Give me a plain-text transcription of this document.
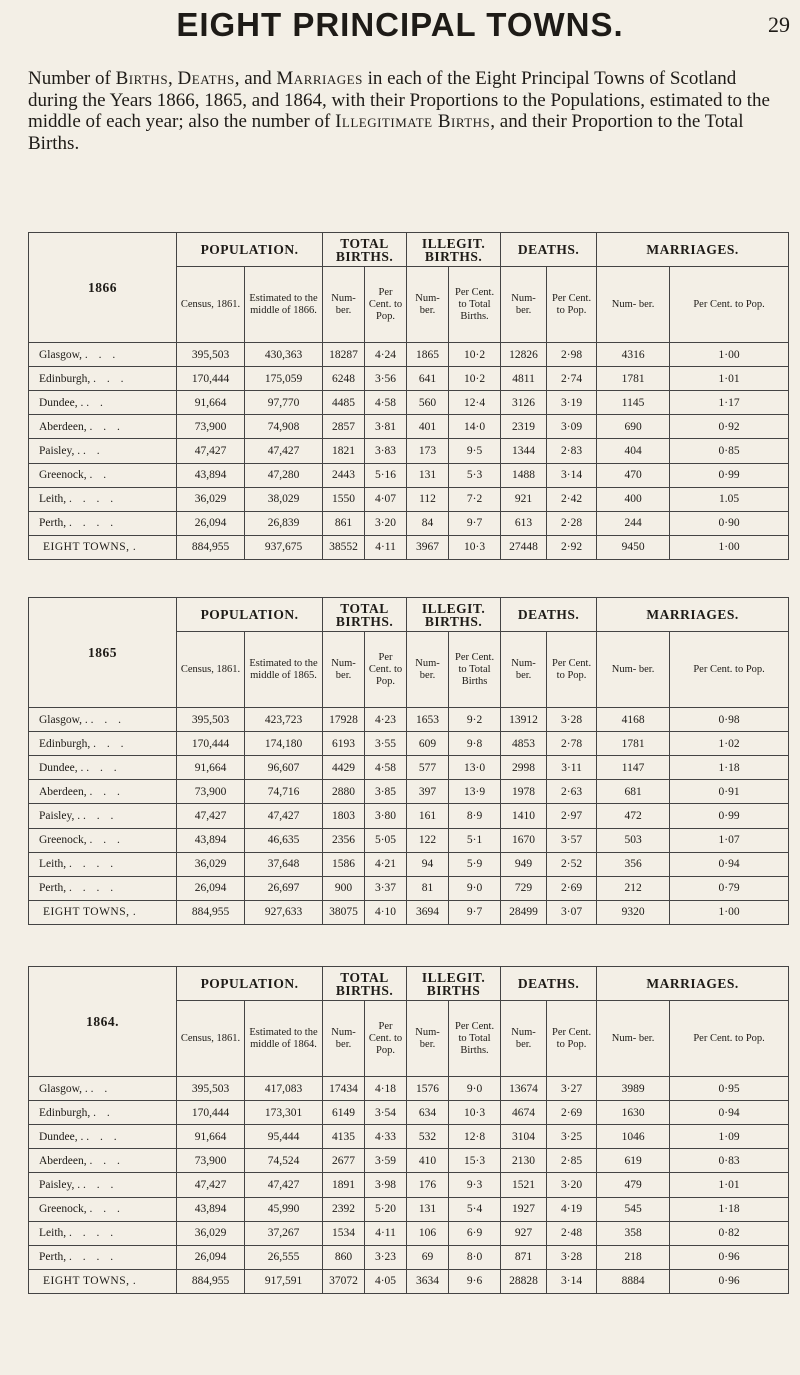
EIGHT PRINCIPAL TOWNS.	29

Number of Births, Deaths, and Marriages in each of the Eight Principal Towns of Scotland during the Years 1866, 1865, and 1864, with their Proportions to the Populations, estimated to the middle of each year; also the number of Illegitimate Births, and their Proportion to the Total Births.

1866	POPULATION.		TOTAL BIRTHS.		ILLEGIT. BIRTHS.		DEATHS.		MARRIAGES.	
	Census, 1861.	Estimated to the middle of 1866.	Num- ber.	Per Cent. to Pop.	Num- ber.	Per Cent. to Total Births.	Num- ber.	Per Cent. to Pop.	Num- ber.	Per Cent. to Pop.
Glasgow, . . .	395,503	430,363	18287	4·24	1865	10·2	12826	2·98	4316	1·00
Edinburgh, . . .	170,444	175,059	6248	3·56	641	10·2	4811	2·74	1781	1·01
Dundee, . . .	91,664	97,770	4485	4·58	560	12·4	3126	3·19	1145	1·17
Aberdeen, . . .	73,900	74,908	2857	3·81	401	14·0	2319	3·09	690	0·92
Paisley, . . .	47,427	47,427	1821	3·83	173	9·5	1344	2·83	404	0·85
Greenock, . .	43,894	47,280	2443	5·16	131	5·3	1488	3·14	470	0·99
Leith, . . . .	36,029	38,029	1550	4·07	112	7·2	921	2·42	400	1.05
Perth, . . . .	26,094	26,839	861	3·20	84	9·7	613	2·28	244	0·90
EIGHT TOWNS, .	884,955	937,675	38552	4·11	3967	10·3	27448	2·92	9450	1·00
1865	POPULATION.		TOTAL BIRTHS.		ILLEGIT. BIRTHS.		DEATHS.		MARRIAGES.	
	Census, 1861.	Estimated to the middle of 1865.	Num- ber.	Per Cent. to Pop.	Num- ber.	Per Cent. to Total Births	Num- ber.	Per Cent. to Pop.	Num- ber.	Per Cent. to Pop.
Glasgow, . . . .	395,503	423,723	17928	4·23	1653	9·2	13912	3·28	4168	0·98
Edinburgh, . . .	170,444	174,180	6193	3·55	609	9·8	4853	2·78	1781	1·02
Dundee, . . . .	91,664	96,607	4429	4·58	577	13·0	2998	3·11	1147	1·18
Aberdeen, . . .	73,900	74,716	2880	3·85	397	13·9	1978	2·63	681	0·91
Paisley, . . . .	47,427	47,427	1803	3·80	161	8·9	1410	2·97	472	0·99
Greenock, . . .	43,894	46,635	2356	5·05	122	5·1	1670	3·57	503	1·07
Leith, . . . .	36,029	37,648	1586	4·21	94	5·9	949	2·52	356	0·94
Perth, . . . .	26,094	26,697	900	3·37	81	9·0	729	2·69	212	0·79
EIGHT TOWNS, .	884,955	927,633	38075	4·10	3694	9·7	28499	3·07	9320	1·00
1864.	POPULATION.		TOTAL BIRTHS.		ILLEGIT. BIRTHS		DEATHS.		MARRIAGES.	
	Census, 1861.	Estimated to the middle of 1864.	Num- ber.	Per Cent. to Pop.	Num- ber.	Per Cent. to Total Births.	Num- ber.	Per Cent. to Pop.	Num- ber.	Per Cent. to Pop.
Glasgow, . . .	395,503	417,083	17434	4·18	1576	9·0	13674	3·27	3989	0·95
Edinburgh, . .	170,444	173,301	6149	3·54	634	10·3	4674	2·69	1630	0·94
Dundee, . . . .	91,664	95,444	4135	4·33	532	12·8	3104	3·25	1046	1·09
Aberdeen, . . .	73,900	74,524	2677	3·59	410	15·3	2130	2·85	619	0·83
Paisley, . . . .	47,427	47,427	1891	3·98	176	9·3	1521	3·20	479	1·01
Greenock, . . .	43,894	45,990	2392	5·20	131	5·4	1927	4·19	545	1·18
Leith, . . . .	36,029	37,267	1534	4·11	106	6·9	927	2·48	358	0·82
Perth, . . . .	26,094	26,555	860	3·23	69	8·0	871	3·28	218	0·96
EIGHT TOWNS, .	884,955	917,591	37072	4·05	3634	9·6	28828	3·14	8884	0·96
